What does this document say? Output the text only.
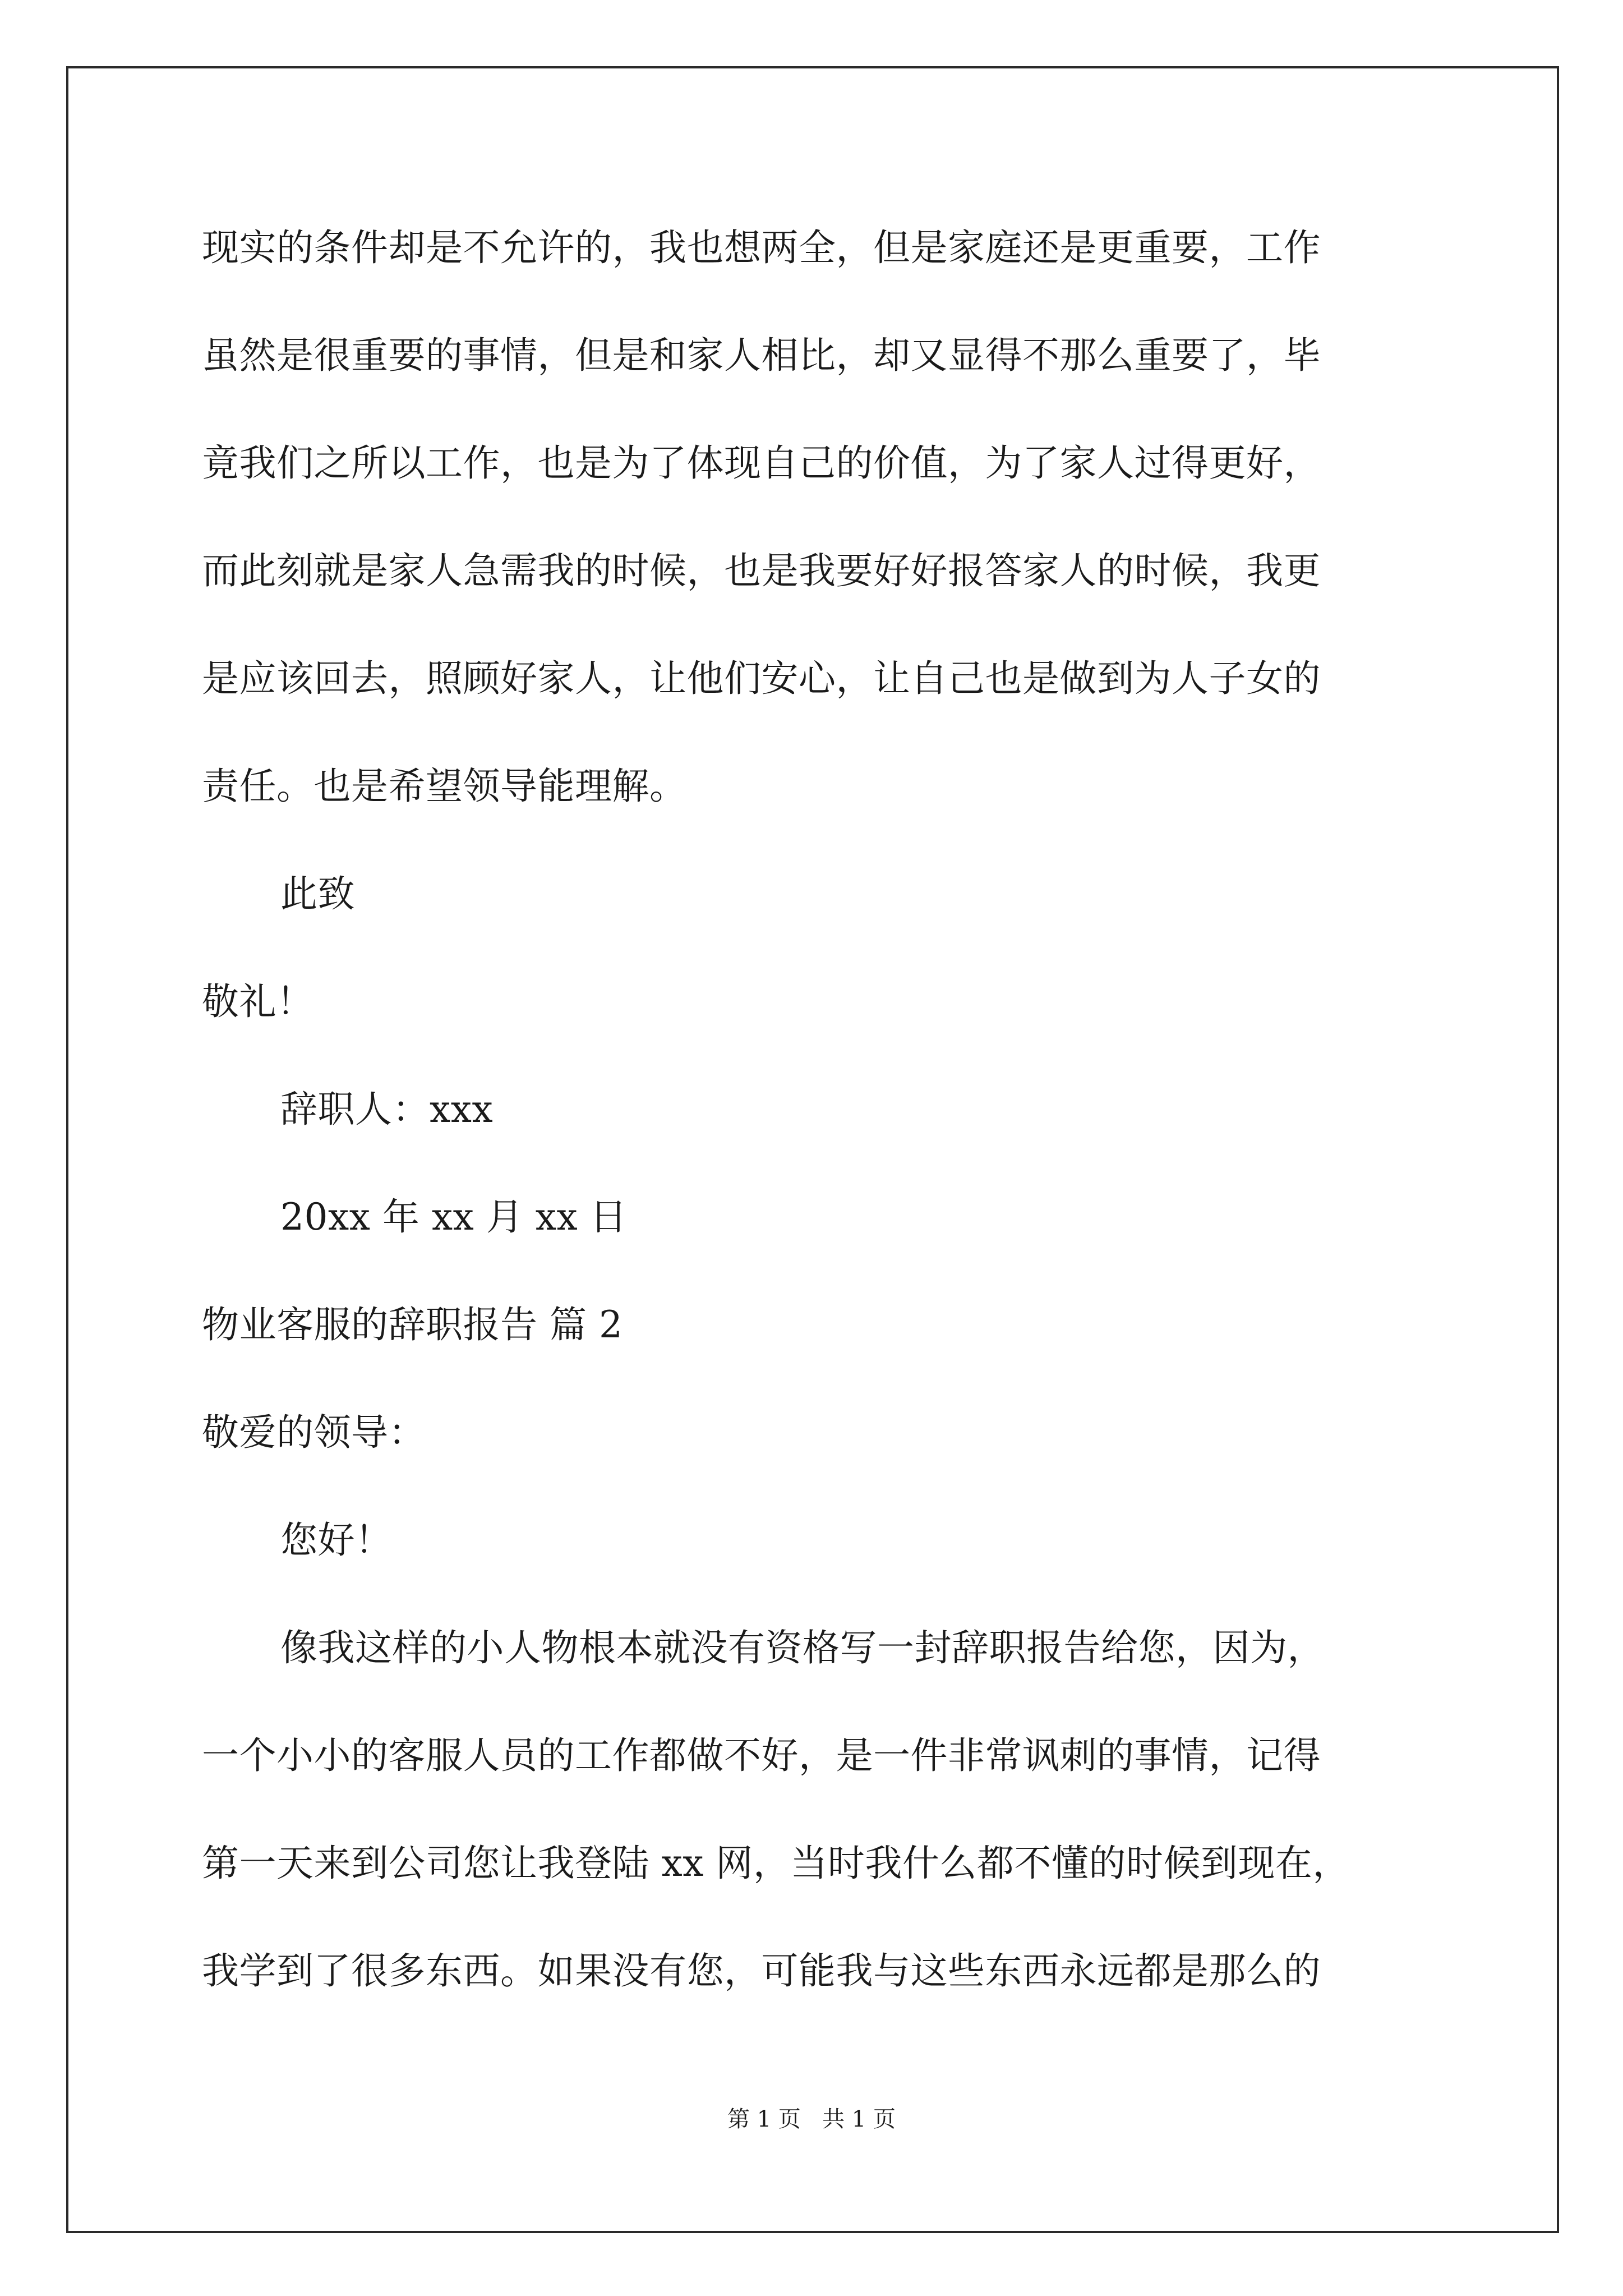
现实的条件却是不允许的，我也想两全，但是家庭还是更重要，工作
虽然是很重要的事情，但是和家人相比，却又显得不那么重要了，毕
竟我们之所以工作，也是为了体现自己的价值，为了家人过得更好，
而此刻就是家人急需我的时候，也是我要好好报答家人的时候，我更
是应该回去，照顾好家人，让他们安心，让自己也是做到为人子女的
责任。也是希望领导能理解。
此致
敬礼！
辞职人：xxx
20xx 年 xx 月 xx 日
物业客服的辞职报告 篇 2
敬爱的领导：
您好！
像我这样的小人物根本就没有资格写一封辞职报告给您，因为，
一个小小的客服人员的工作都做不好，是一件非常讽刺的事情，记得
第一天来到公司您让我登陆 xx 网，当时我什么都不懂的时候到现在，
我学到了很多东西。如果没有您，可能我与这些东西永远都是那么的
第 1 页   共 1 页
